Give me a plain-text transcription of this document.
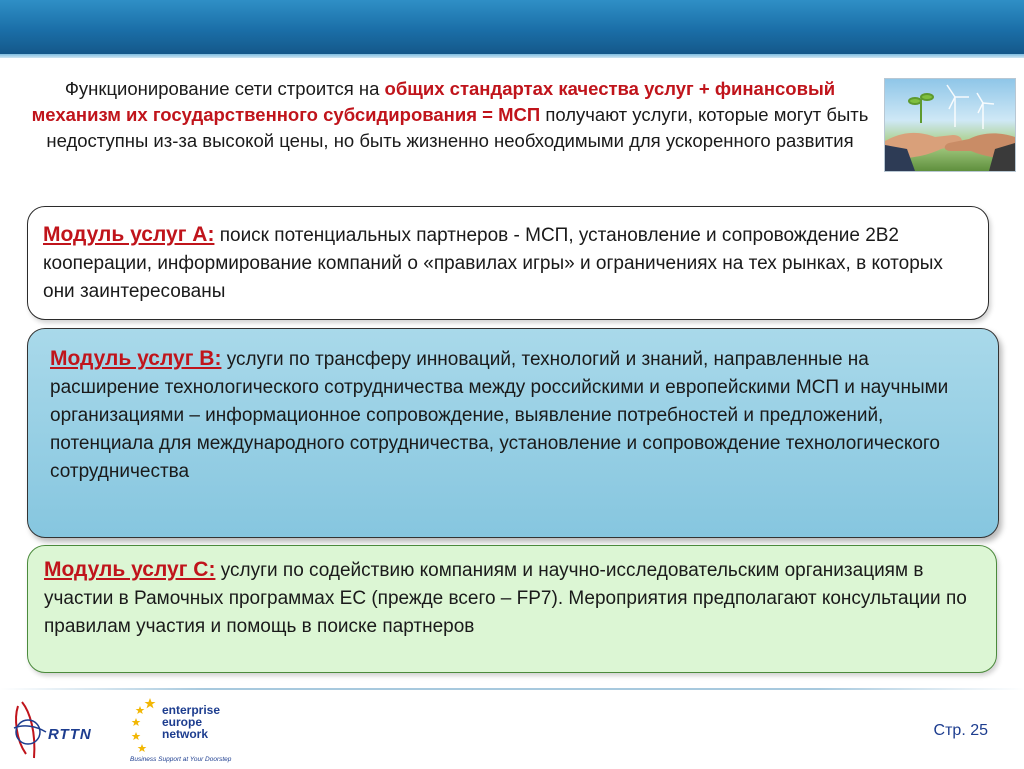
Функционирование сети строится на общих стандартах качества услуг + финансовый механизм их государственного субсидирования = МСП получают услуги, которые могут быть недоступны из-за высокой цены, но быть жизненно необходимыми для ускоренного развития
Модуль услуг А: поиск потенциальных партнеров - МСП, установление и сопровождение 2В2 кооперации, информирование компаний о «правилах игры» и ограничениях на тех рынках, в которых они заинтересованы
Модуль услуг В: услуги по трансферу инноваций, технологий и знаний, направленные на расширение технологического сотрудничества между российскими и европейскими МСП и научными организациями – информационное сопровождение, выявление потребностей и предложений, потенциала для международного сотрудничества, установление и сопровождение технологического сотрудничества
Модуль услуг С: услуги по содействию компаниям и научно-исследовательским организациям в участии в Рамочных программах ЕС (прежде всего – FP7). Мероприятия предполагают консультации по правилам участия и помощь в поиске партнеров
RTTN
enterprise
europe
network
Business Support at Your Doorstep
Стр. 25
